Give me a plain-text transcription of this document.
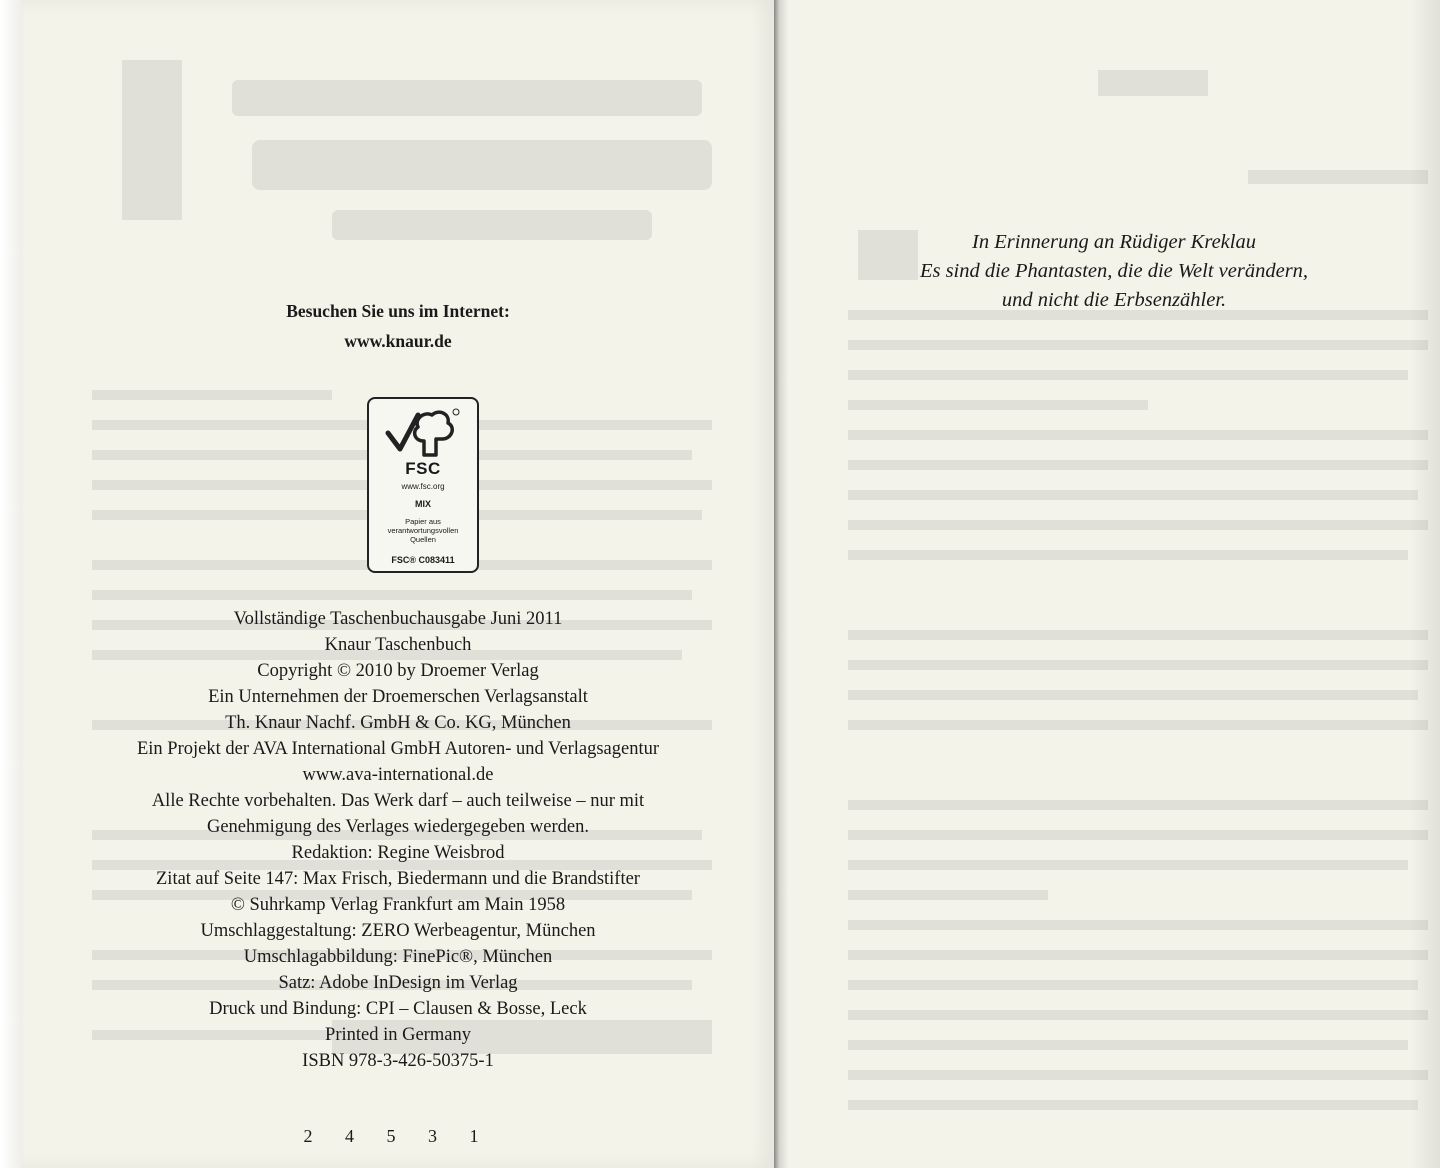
Besuchen Sie uns im Internet:
www.knaur.de
FSC
www.fsc.org
MIX
Papier aus verantwortungsvollen Quellen
FSC® C083411
Vollständige Taschenbuchausgabe Juni 2011
Knaur Taschenbuch
Copyright © 2010 by Droemer Verlag
Ein Unternehmen der Droemerschen Verlagsanstalt
Th. Knaur Nachf. GmbH & Co. KG, München
Ein Projekt der AVA International GmbH Autoren- und Verlagsagentur
www.ava-international.de
Alle Rechte vorbehalten. Das Werk darf – auch teilweise – nur mit
Genehmigung des Verlages wiedergegeben werden.
Redaktion: Regine Weisbrod
Zitat auf Seite 147: Max Frisch, Biedermann und die Brandstifter
© Suhrkamp Verlag Frankfurt am Main 1958
Umschlaggestaltung: ZERO Werbeagentur, München
Umschlagabbildung: FinePic®, München
Satz: Adobe InDesign im Verlag
Druck und Bindung: CPI – Clausen & Bosse, Leck
Printed in Germany
ISBN 978-3-426-50375-1
2 4 5 3 1
In Erinnerung an Rüdiger Kreklau
Es sind die Phantasten, die die Welt verändern,
und nicht die Erbsenzähler.
